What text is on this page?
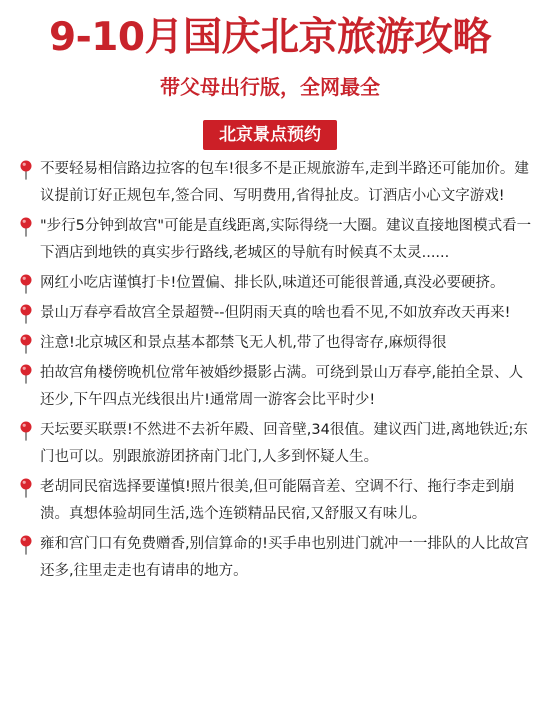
9-10月国庆北京旅游攻略
带父母出行版，全网最全
北京景点预约
不要轻易相信路边拉客的包车!很多不是正规旅游车,走到半路还可能加价。建议提前订好正规包车,签合同、写明费用,省得扯皮。订酒店小心文字游戏!
"步行5分钟到故宫"可能是直线距离,实际得绕一大圈。建议直接地图模式看一下酒店到地铁的真实步行路线,老城区的导航有时候真不太灵......
网红小吃店谨慎打卡!位置偏、排长队,味道还可能很普通,真没必要硬挤。
景山万春亭看故宫全景超赞--但阴雨天真的啥也看不见,不如放弃改天再来!
注意!北京城区和景点基本都禁飞无人机,带了也得寄存,麻烦得很
拍故宫角楼傍晚机位常年被婚纱摄影占满。可绕到景山万春亭,能拍全景、人还少,下午四点光线很出片!通常周一游客会比平时少!
天坛要买联票!不然进不去祈年殿、回音壁,34很值。建议西门进,离地铁近;东门也可以。别跟旅游团挤南门北门,人多到怀疑人生。
老胡同民宿选择要谨慎!照片很美,但可能隔音差、空调不行、拖行李走到崩溃。真想体验胡同生活,选个连锁精品民宿,又舒服又有味儿。
雍和宫门口有免费赠香,别信算命的!买手串也别进门就冲一一排队的人比故宫还多,往里走走也有请串的地方。
